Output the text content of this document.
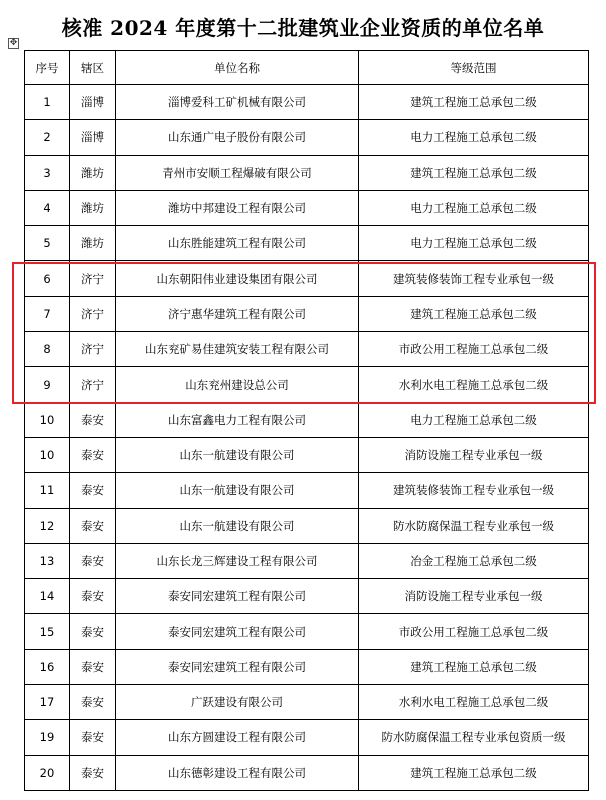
核准 2024 年度第十二批建筑业企业资质的单位名单
✥
序号	辖区	单位名称	等级范围
1	淄博	淄博爱科工矿机械有限公司	建筑工程施工总承包二级
2	淄博	山东通广电子股份有限公司	电力工程施工总承包二级
3	潍坊	青州市安顺工程爆破有限公司	建筑工程施工总承包二级
4	潍坊	潍坊中邦建设工程有限公司	电力工程施工总承包二级
5	潍坊	山东胜能建筑工程有限公司	电力工程施工总承包二级
6	济宁	山东朝阳伟业建设集团有限公司	建筑装修装饰工程专业承包一级
7	济宁	济宁惠华建筑工程有限公司	建筑工程施工总承包二级
8	济宁	山东兖矿易佳建筑安装工程有限公司	市政公用工程施工总承包二级
9	济宁	山东兖州建设总公司	水利水电工程施工总承包二级
10	泰安	山东富鑫电力工程有限公司	电力工程施工总承包二级
10	泰安	山东一航建设有限公司	消防设施工程专业承包一级
11	泰安	山东一航建设有限公司	建筑装修装饰工程专业承包一级
12	泰安	山东一航建设有限公司	防水防腐保温工程专业承包一级
13	泰安	山东长龙三辉建设工程有限公司	冶金工程施工总承包二级
14	泰安	泰安同宏建筑工程有限公司	消防设施工程专业承包一级
15	泰安	泰安同宏建筑工程有限公司	市政公用工程施工总承包二级
16	泰安	泰安同宏建筑工程有限公司	建筑工程施工总承包二级
17	泰安	广跃建设有限公司	水利水电工程施工总承包二级
19	泰安	山东方圆建设工程有限公司	防水防腐保温工程专业承包资质一级
20	泰安	山东德彰建设工程有限公司	建筑工程施工总承包二级
